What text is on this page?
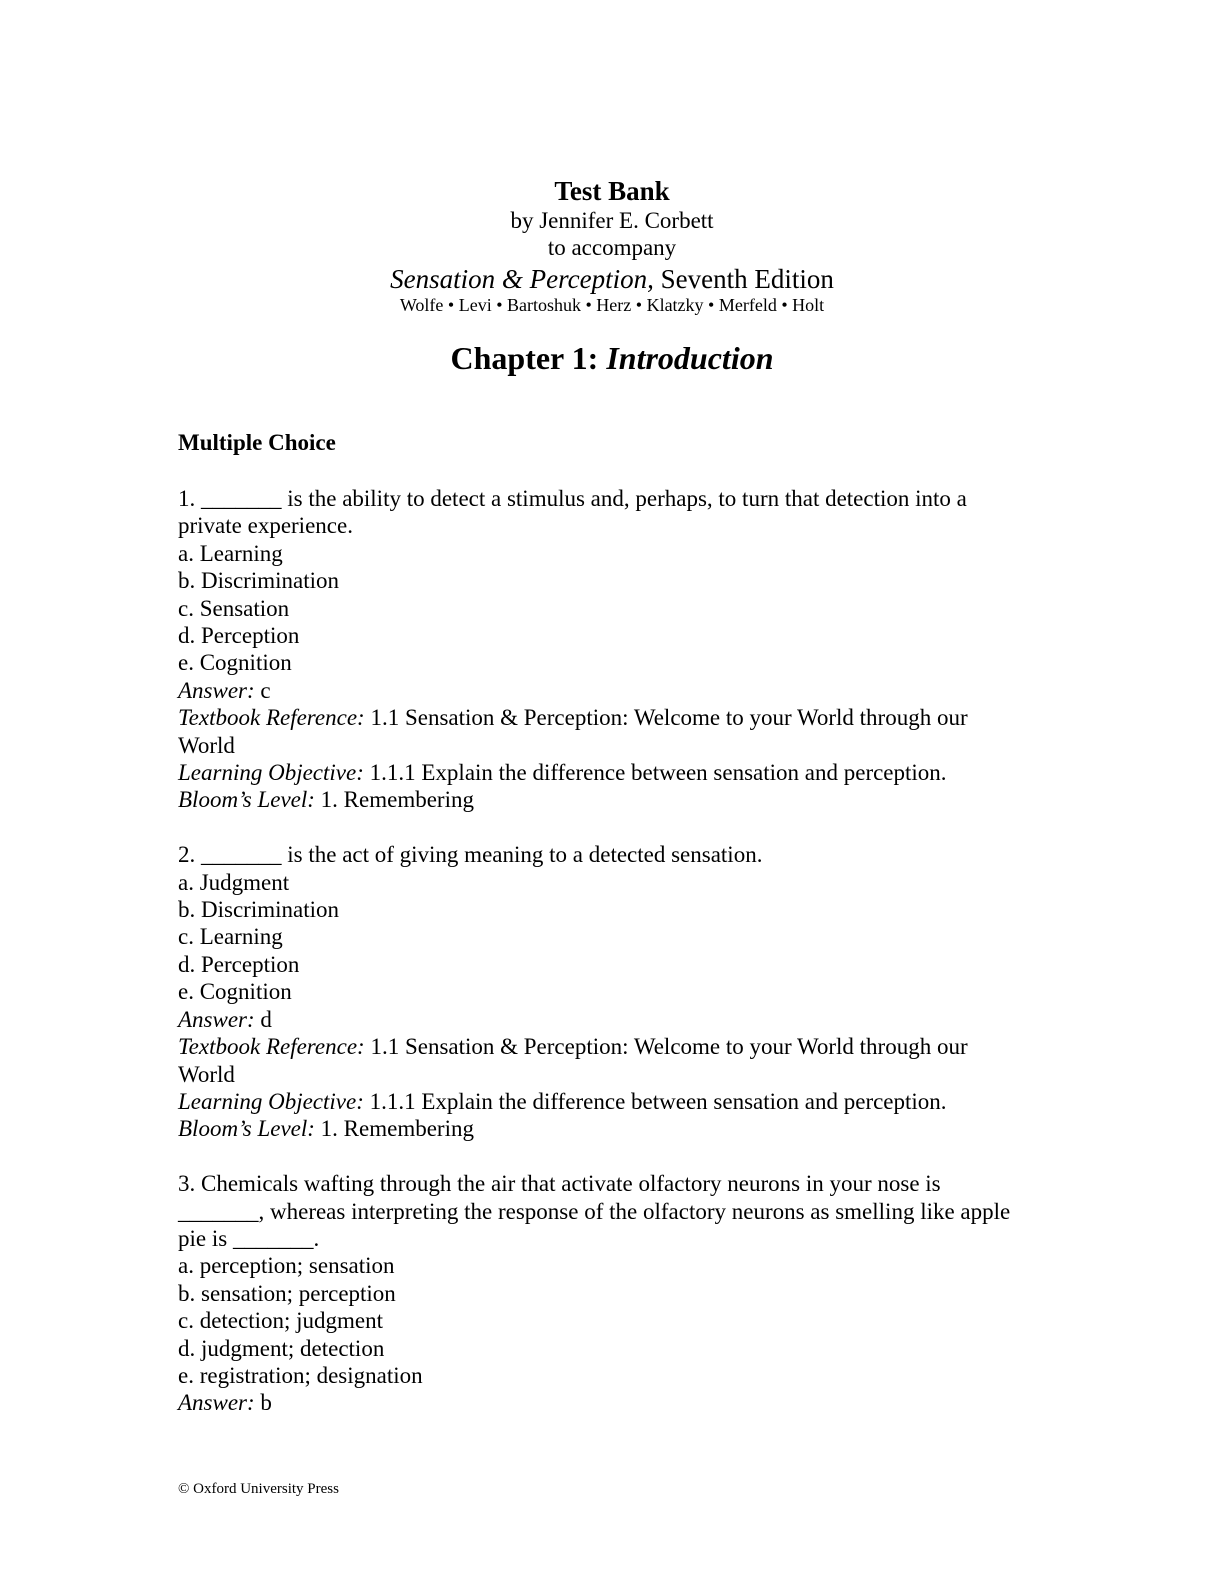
Test Bank
by Jennifer E. Corbett
to accompany
Sensation & Perception, Seventh Edition
Wolfe • Levi • Bartoshuk • Herz • Klatzky • Merfeld • Holt
Chapter 1: Introduction
Multiple Choice

1. _______ is the ability to detect a stimulus and, perhaps, to turn that detection into a private experience.

a. Learning

b. Discrimination

c. Sensation

d. Perception

e. Cognition

Answer: c

Textbook Reference: 1.1 Sensation & Perception: Welcome to your World through our World

Learning Objective: 1.1.1 Explain the difference between sensation and perception.

Bloom’s Level: 1. Remembering

2. _______ is the act of giving meaning to a detected sensation.

a. Judgment

b. Discrimination

c. Learning

d. Perception

e. Cognition

Answer: d

Textbook Reference: 1.1 Sensation & Perception: Welcome to your World through our World

Learning Objective: 1.1.1 Explain the difference between sensation and perception.

Bloom’s Level: 1. Remembering

3. Chemicals wafting through the air that activate olfactory neurons in your nose is _______, whereas interpreting the response of the olfactory neurons as smelling like apple pie is _______.

a. perception; sensation

b. sensation; perception

c. detection; judgment

d. judgment; detection

e. registration; designation

Answer: b

© Oxford University Press
